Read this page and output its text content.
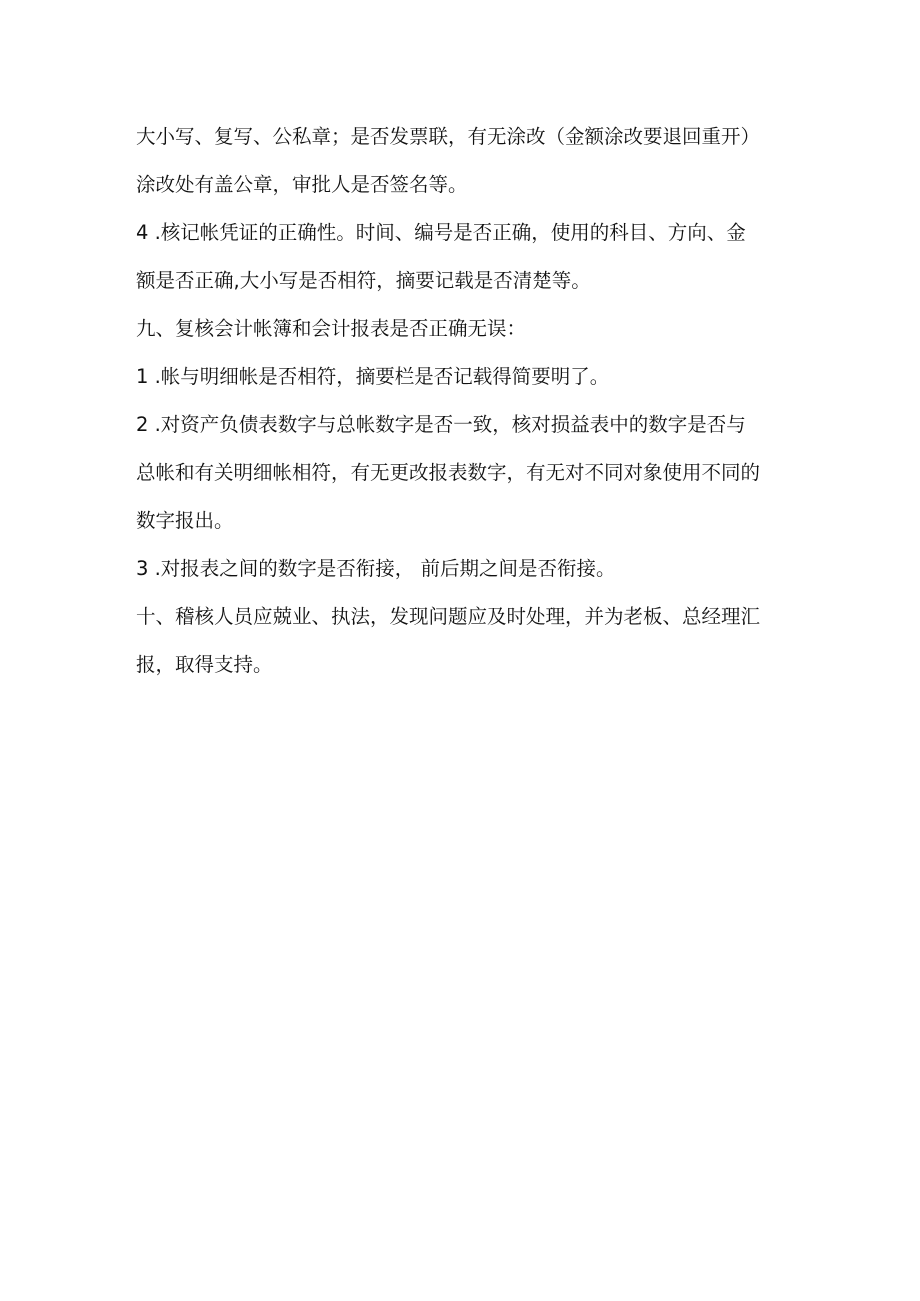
大小写、复写、公私章；是否发票联，有无涂改（金额涂改要退回重开）
涂改处有盖公章，审批人是否签名等。
4 .核记帐凭证的正确性。时间、编号是否正确，使用的科目、方向、金
额是否正确,大小写是否相符，摘要记载是否清楚等。
九、复核会计帐簿和会计报表是否正确无误：
1 .帐与明细帐是否相符，摘要栏是否记载得简要明了。
2 .对资产负债表数字与总帐数字是否一致，核对损益表中的数字是否与
总帐和有关明细帐相符，有无更改报表数字，有无对不同对象使用不同的
数字报出。
3 .对报表之间的数字是否衔接， 前后期之间是否衔接。
十、稽核人员应兢业、执法，发现问题应及时处理，并为老板、总经理汇
报，取得支持。
